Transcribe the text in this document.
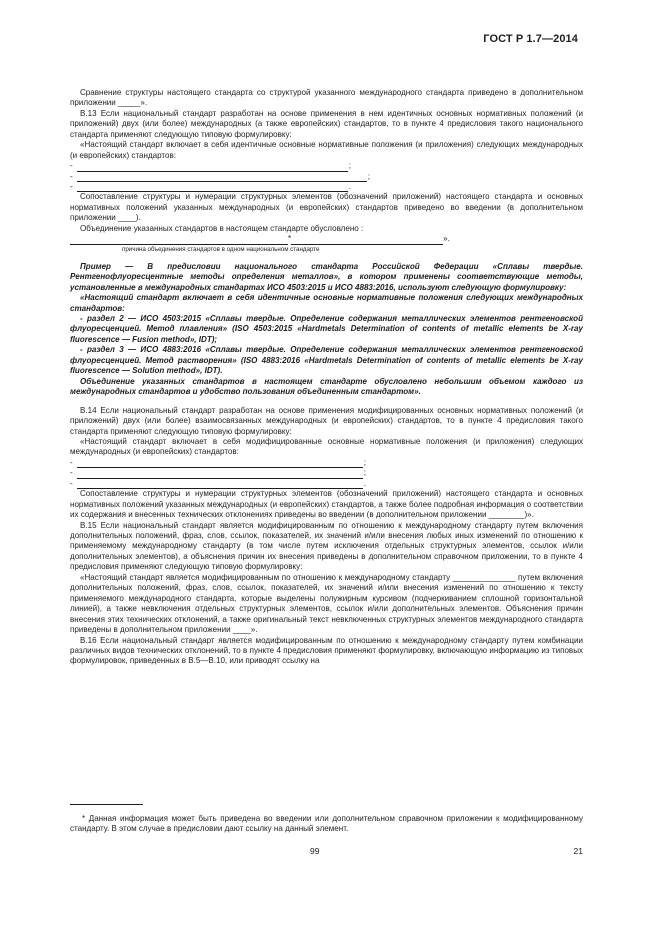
ГОСТ Р 1.7—2014

Сравнение структуры настоящего стандарта со структурой указанного международного стандарта приведено в дополнительном приложении _____».

В.13 Если национальный стандарт разработан на основе применения в нем идентичных основных нормативных положений (и приложений) двух (или более) международных (а также европейских) стандартов, то в пункте 4 предисловия такого национального стандарта применяют следующую типовую формулировку:

«Настоящий стандарт включает в себя идентичные основные нормативные положения (и приложения) следующих международных (и европейских) стандартов:

-	;
-	;
-	.

Сопоставление структуры и нумерации структурных элементов (обозначений приложений) настоящего стандарта и основных нормативных положений указанных международных (и европейских) стандартов приведено во введении (в дополнительном приложении ____).

Объединение указанных стандартов в настоящем стандарте обусловлено :

*	».
причина объединения стандартов в одном национальном стандарте

Пример — В предисловии национального стандарта Российской Федерации «Сплавы твердые. Рентгенофлуоресцентные методы определения металлов», в котором применены соответствующие методы, установленные в международных стандартах ИСО 4503:2015 и ИСО 4883:2016, используют следующую формулировку:

«Настоящий стандарт включает в себя идентичные основные нормативные положения следующих международных стандартов:

- раздел 2 — ИСО 4503:2015 «Сплавы твердые. Определение содержания металлических элементов рентгеновской флуоресценцией. Метод плавления» (ISO 4503:2015 «Hardmetals Determination of contents of metallic elements be X-ray fluorescence — Fusion method», IDT);

- раздел 3 — ИСО 4883:2016 «Сплавы твердые. Определение содержания металлических элементов рентгеновской флуоресценцией. Метод растворения» (ISO 4883:2016 «Hardmetals Determination of contents of metallic elements be X-ray fluorescence — Solution method», IDT).

Объединение указанных стандартов в настоящем стандарте обусловлено небольшим объемом каждого из международных стандартов и удобство пользования объединенным стандартом».

В.14 Если национальный стандарт разработан на основе применения модифицированных основных нормативных положений (и приложений) двух (или более) взаимосвязанных международных (и европейских) стандартов, то в пункте 4 предисловия такого стандарта применяют следующую типовую формулировку:

«Настоящий стандарт включает в себя модифицированные основные нормативные положения (и приложения) следующих международных (и европейских) стандартов:

-	;
-	;
-	.

Сопоставление структуры и нумерации структурных элементов (обозначений приложений) настоящего стандарта и основных нормативных положений указанных международных (и европейских) стандартов, а также более подробная информация о соответствии их содержания и внесенных технических отклонениях приведены во введении (в дополнительном приложении ________)».

В.15 Если национальный стандарт является модифицированным по отношению к международному стандарту путем включения дополнительных положений, фраз, слов, ссылок, показателей, их значений и/или внесения любых иных изменений по отношению к применяемому международному стандарту (в том числе путем исключения отдельных структурных элементов, ссылок и/или дополнительных элементов), а объяснения причин их внесения приведены в дополнительном справочном приложении, то в пункте 4 предисловия применяют следующую типовую формулировку:

«Настоящий стандарт является модифицированным по отношению к международному стандарту ______________ путем включения дополнительных положений, фраз, слов, ссылок, показателей, их значений и/или внесения изменений по отношению к тексту применяемого международного стандарта, которые выделены полужирным курсивом (подчеркиванием сплошной горизонтальной линией), а также невключения отдельных структурных элементов, ссылок и/или дополнительных элементов. Объяснения причин внесения этих технических отклонений, а также оригинальный текст невключенных структурных элементов международного стандарта приведены в дополнительном приложении ____».

В.16 Если национальный стандарт является модифицированным по отношению к международному стандарту путем комбинации различных видов технических отклонений, то в пункте 4 предисловия применяют формулировку, включающую информацию из типовых формулировок, приведенных в В.5—В.10, или приводят ссылку на

* Данная информация может быть приведена во введении или дополнительном справочном приложении к модифицированному стандарту. В этом случае в предисловии дают ссылку на данный элемент.
99	21
